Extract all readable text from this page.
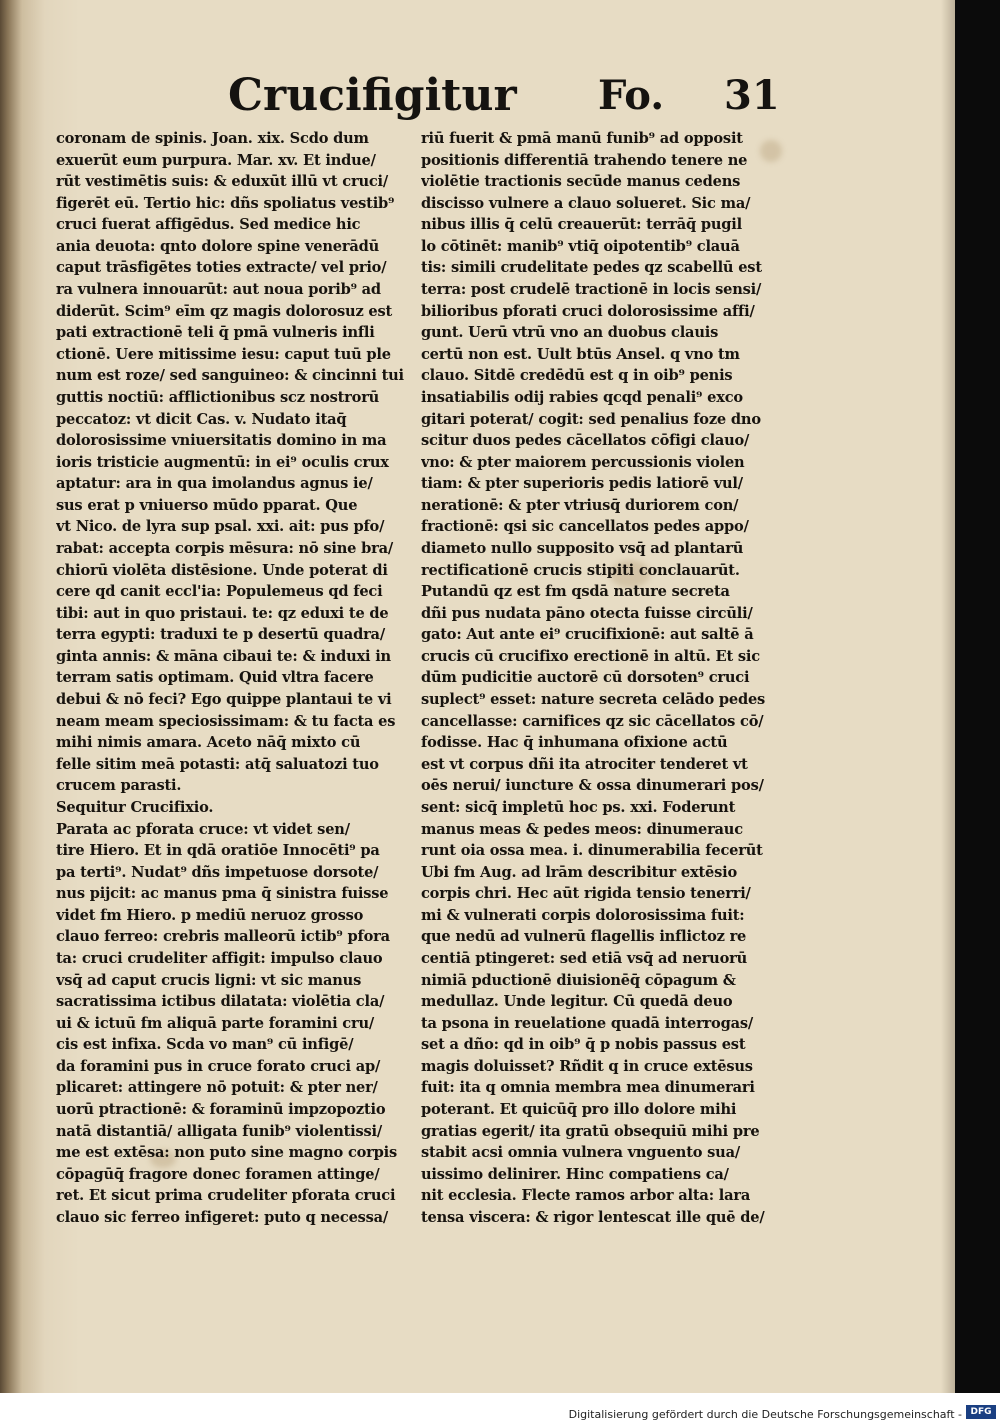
Crucifigitur Fo. 31
coronam de spinis. Joan. xix. Scdo dum
exuerūt eum purpura. Mar. xv. Et indue/
rūt vestimētis suis: & eduxūt illū vt cruci/
figerēt eū. Tertio hic: dñs spoliatus vestib⁹
cruci fuerat affigēdus. Sed medice hic
ania deuota: qnto dolore spine venerādū
caput trāsfigētes toties extracte/ vel prio/
ra vulnera innouarūt: aut noua porib⁹ ad
diderūt. Scim⁹ eīm qz magis dolorosuz est
pati extractionē teli q̄ pmā vulneris infli
ctionē. Uere mitissime iesu: caput tuū ple
num est roze/ sed sanguineo: & cincinni tui
guttis noctiū: afflictionibus scz nostrorū
peccatoz: vt dicit Cas. v. Nudato itaq̄
dolorosissime vniuersitatis domino in ma
ioris tristicie augmentū: in ei⁹ oculis crux
aptatur: ara in qua imolandus agnus ie/
sus erat p vniuerso mūdo pparat. Que
vt Nico. de lyra sup psal. xxi. ait: pus pfo/
rabat: accepta corpis mēsura: nō sine bra/
chiorū violēta distēsione. Unde poterat di
cere qd canit eccl'ia: Populemeus qd feci
tibi: aut in quo pristaui. te: qz eduxi te de
terra egypti: traduxi te p desertū quadra/
ginta annis: & māna cibaui te: & induxi in
terram satis optimam. Quid vltra facere
debui & nō feci? Ego quippe plantaui te vi
neam meam speciosissimam: & tu facta es
mihi nimis amara. Aceto nāq̄ mixto cū
felle sitim meā potasti: atq̄ saluatozi tuo
crucem parasti.
Sequitur Crucifixio.
Parata ac pforata cruce: vt videt sen/
tire Hiero. Et in qdā oratiōe Innocēti⁹ pa
pa terti⁹. Nudat⁹ dñs impetuose dorsote/
nus pijcit: ac manus pma q̄ sinistra fuisse
videt fm Hiero. p mediū neruoz grosso
clauo ferreo: crebris malleorū ictib⁹ pfora
ta: cruci crudeliter affigit: impulso clauo
vsq̄ ad caput crucis ligni: vt sic manus
sacratissima ictibus dilatata: violētia cla/
ui & ictuū fm aliquā parte foramini cru/
cis est infixa. Scda vo man⁹ cū infigē/
da foramini pus in cruce forato cruci ap/
plicaret: attingere nō potuit: & pter ner/
uorū ptractionē: & foraminū impzopoztio
natā distantiā/ alligata funib⁹ violentissi/
me est extēsa: non puto sine magno corpis
cōpagūq̄ fragore donec foramen attinge/
ret. Et sicut prima crudeliter pforata cruci
clauo sic ferreo infigeret: puto q necessa/
riū fuerit & pmā manū funib⁹ ad opposit
positionis differentiā trahendo tenere ne
violētie tractionis secūde manus cedens
discisso vulnere a clauo solueret. Sic ma/
nibus illis q̄ celū creauerūt: terrāq̄ pugil
lo cōtinēt: manib⁹ vtiq̄ oipotentib⁹ clauā
tis: simili crudelitate pedes qz scabellū est
terra: post crudelē tractionē in locis sensi/
bilioribus pforati cruci dolorosissime affi/
gunt. Uerū vtrū vno an duobus clauis
certū non est. Uult btūs Ansel. q vno tm
clauo. Sitdē credēdū est q in oib⁹ penis
insatiabilis odij rabies qcqd penali⁹ exco
gitari poterat/ cogit: sed penalius foze dno
scitur duos pedes cācellatos cōfigi clauo/
vno: & pter maiorem percussionis violen
tiam: & pter superioris pedis latiorē vul/
nerationē: & pter vtriusq̄ duriorem con/
fractionē: qsi sic cancellatos pedes appo/
diameto nullo supposito vsq̄ ad plantarū
rectificationē crucis stipiti conclauarūt.
Putandū qz est fm qsdā nature secreta
dñi pus nudata pāno otecta fuisse circūli/
gato: Aut ante ei⁹ crucifixionē: aut saltē ā
crucis cū crucifixo erectionē in altū. Et sic
dūm pudicitie auctorē cū dorsoten⁹ cruci
suplect⁹ esset: nature secreta celādo pedes
cancellasse: carnifices qz sic cācellatos cō/
fodisse. Hac q̄ inhumana ofixione actū
est vt corpus dñi ita atrociter tenderet vt
oēs nerui/ iuncture & ossa dinumerari pos/
sent: sicq̄ impletū hoc ps. xxi. Foderunt
manus meas & pedes meos: dinumerauc
runt oia ossa mea. i. dinumerabilia fecerūt
Ubi fm Aug. ad lrām describitur extēsio
corpis chri. Hec aūt rigida tensio tenerri/
mi & vulnerati corpis dolorosissima fuit:
que nedū ad vulnerū flagellis inflictoz re
centiā ptingeret: sed etiā vsq̄ ad neruorū
nimiā pductionē diuisionēq̄ cōpagum &
medullaz. Unde legitur. Cū quedā deuo
ta psona in reuelatione quadā interrogas/
set a dño: qd in oib⁹ q̄ p nobis passus est
magis doluisset? Rñdit q in cruce extēsus
fuit: ita q omnia membra mea dinumerari
poterant. Et quicūq̄ pro illo dolore mihi
gratias egerit/ ita gratū obsequiū mihi pre
stabit acsi omnia vulnera vnguento sua/
uissimo delinirer. Hinc compatiens ca/
nit ecclesia. Flecte ramos arbor alta: lara
tensa viscera: & rigor lentescat ille quē de/
Digitalisierung gefördert durch die Deutsche Forschungsgemeinschaft - DFG
